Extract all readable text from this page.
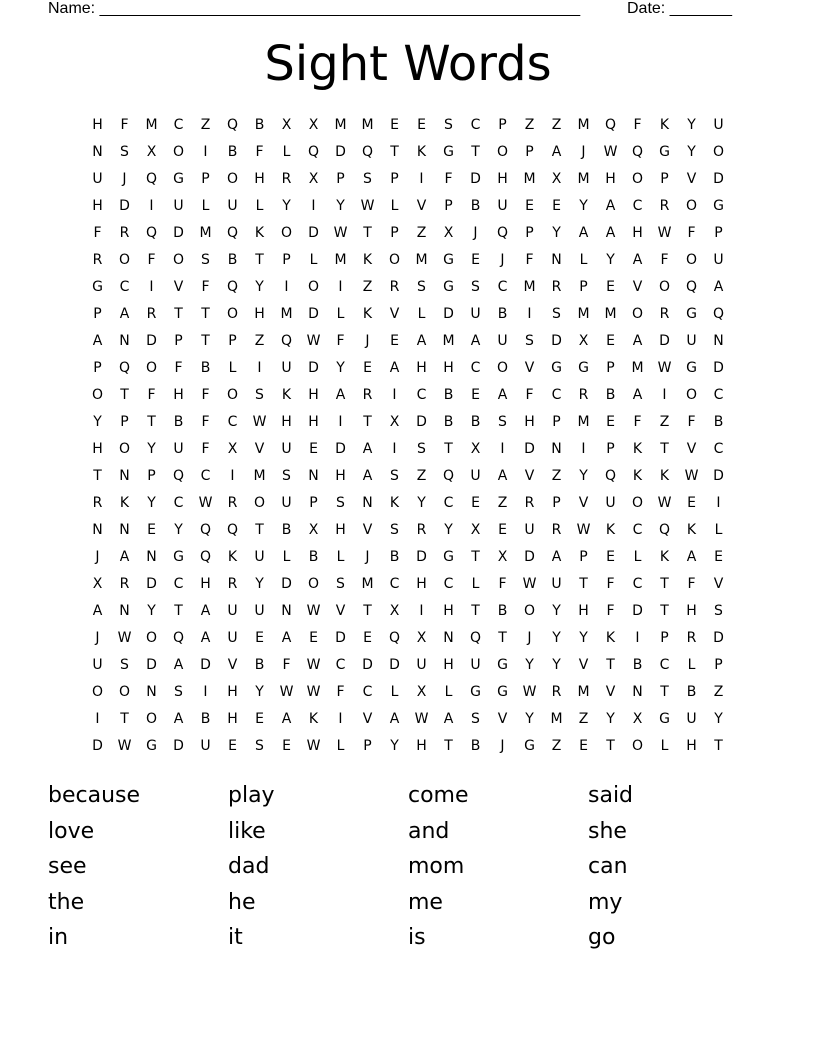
Name: ______________________________________________________	Date: _______
Sight Words
H	F	M	C	Z	Q	B	X	X	M	M	E	E	S	C	P	Z	Z	M	Q	F	K	Y	U
N	S	X	O	I	B	F	L	Q	D	Q	T	K	G	T	O	P	A	J	W	Q	G	Y	O
U	J	Q	G	P	O	H	R	X	P	S	P	I	F	D	H	M	X	M	H	O	P	V	D
H	D	I	U	L	U	L	Y	I	Y	W	L	V	P	B	U	E	E	Y	A	C	R	O	G
F	R	Q	D	M	Q	K	O	D	W	T	P	Z	X	J	Q	P	Y	A	A	H	W	F	P
R	O	F	O	S	B	T	P	L	M	K	O	M	G	E	J	F	N	L	Y	A	F	O	U
G	C	I	V	F	Q	Y	I	O	I	Z	R	S	G	S	C	M	R	P	E	V	O	Q	A
P	A	R	T	T	O	H	M	D	L	K	V	L	D	U	B	I	S	M	M	O	R	G	Q
A	N	D	P	T	P	Z	Q	W	F	J	E	A	M	A	U	S	D	X	E	A	D	U	N
P	Q	O	F	B	L	I	U	D	Y	E	A	H	H	C	O	V	G	G	P	M	W	G	D
O	T	F	H	F	O	S	K	H	A	R	I	C	B	E	A	F	C	R	B	A	I	O	C
Y	P	T	B	F	C	W	H	H	I	T	X	D	B	B	S	H	P	M	E	F	Z	F	B
H	O	Y	U	F	X	V	U	E	D	A	I	S	T	X	I	D	N	I	P	K	T	V	C
T	N	P	Q	C	I	M	S	N	H	A	S	Z	Q	U	A	V	Z	Y	Q	K	K	W	D
R	K	Y	C	W	R	O	U	P	S	N	K	Y	C	E	Z	R	P	V	U	O	W	E	I
N	N	E	Y	Q	Q	T	B	X	H	V	S	R	Y	X	E	U	R	W	K	C	Q	K	L
J	A	N	G	Q	K	U	L	B	L	J	B	D	G	T	X	D	A	P	E	L	K	A	E
X	R	D	C	H	R	Y	D	O	S	M	C	H	C	L	F	W	U	T	F	C	T	F	V
A	N	Y	T	A	U	U	N	W	V	T	X	I	H	T	B	O	Y	H	F	D	T	H	S
J	W	O	Q	A	U	E	A	E	D	E	Q	X	N	Q	T	J	Y	Y	K	I	P	R	D
U	S	D	A	D	V	B	F	W	C	D	D	U	H	U	G	Y	Y	V	T	B	C	L	P
O	O	N	S	I	H	Y	W W	F	C	L	X	L	G	G	W	R	M	V	N	T	B	Z
I	T	O	A	B	H	E	A	K	I	V	A	W	A	S	V	Y	M	Z	Y	X	G	U	Y
D	W	G	D	U	E	S	E	W	L	P	Y	H	T	B	J	G	Z	E	T	O	L	H	T
because	play	come	said
love	like	and	she
see	dad	mom	can
the	he	me	my
in	it	is	go
